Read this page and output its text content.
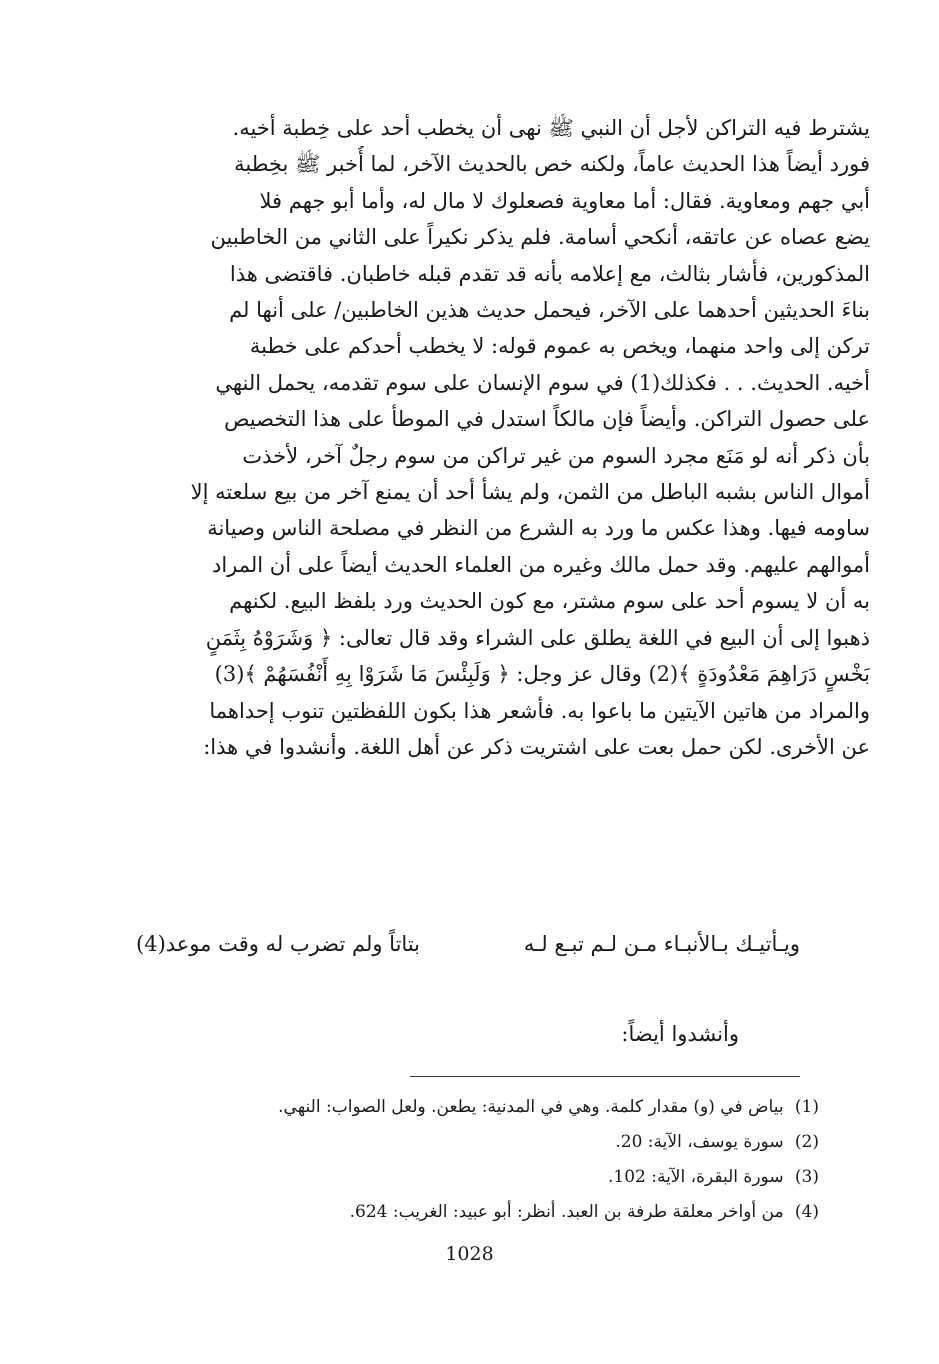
يشترط فيه التراكن لأجل أن النبي ﷺ نهى أن يخطب أحد على خِطبة أخيه.
فورد أيضاً هذا الحديث عاماً، ولكنه خص بالحديث الآخر، لما أُخبر ﷺ بخِطبة
أبي جهم ومعاوية. فقال: أما معاوية فصعلوك لا مال له، وأما أبو جهم فلا
يضع عصاه عن عاتقه، أنكحي أسامة. فلم يذكر نكيراً على الثاني من الخاطبين
المذكورين، فأشار بثالث، مع إعلامه بأنه قد تقدم قبله خاطبان. فاقتضى هذا
بناءَ الحديثين أحدهما على الآخر، فيحمل حديث هذين الخاطبين/ على أنها لم
تركن إلى واحد منهما، ويخص به عموم قوله: لا يخطب أحدكم على خطبة
أخيه. الحديث. . . فكذلك(1) في سوم الإنسان على سوم تقدمه، يحمل النهي
على حصول التراكن. وأيضاً فإن مالكاً استدل في الموطأ على هذا التخصيص
بأن ذكر أنه لو مَنَع مجرد السوم من غير تراكن من سوم رجلٌ آخر، لأخذت
أموال الناس بشبه الباطل من الثمن، ولم يشأ أحد أن يمنع آخر من بيع سلعته إلا
ساومه فيها. وهذا عكس ما ورد به الشرع من النظر في مصلحة الناس وصيانة
أموالهم عليهم. وقد حمل مالك وغيره من العلماء الحديث أيضاً على أن المراد
به أن لا يسوم أحد على سوم مشتر، مع كون الحديث ورد بلفظ البيع. لكنهم
ذهبوا إلى أن البيع في اللغة يطلق على الشراء وقد قال تعالى: ﴿ وَشَرَوْهُ بِثَمَنٍ
بَخْسٍ دَرَاهِمَ مَعْدُودَةٍ ﴾(2) وقال عز وجل: ﴿ وَلَبِئْسَ مَا شَرَوْا بِهِ أَنْفُسَهُمْ ﴾(3)
والمراد من هاتين الآيتين ما باعوا به. فأشعر هذا بكون اللفظتين تنوب إحداهما
عن الأخرى. لكن حمل بعت على اشتريت ذكر عن أهل اللغة. وأنشدوا في هذا:
ويـأتيـك بـالأنبـاء مـن لـم تبـع لـه
بتاتاً ولم تضرب له وقت موعد(4)
وأنشدوا أيضاً:
(1) بياض في (و) مقدار كلمة. وهي في المدنية: يطعن. ولعل الصواب: النهي.
(2) سورة يوسف، الآية: 20.
(3) سورة البقرة، الآية: 102.
(4) من أواخر معلقة طرفة بن العبد. أنظر: أبو عبيد: الغريب: 624.
1028
